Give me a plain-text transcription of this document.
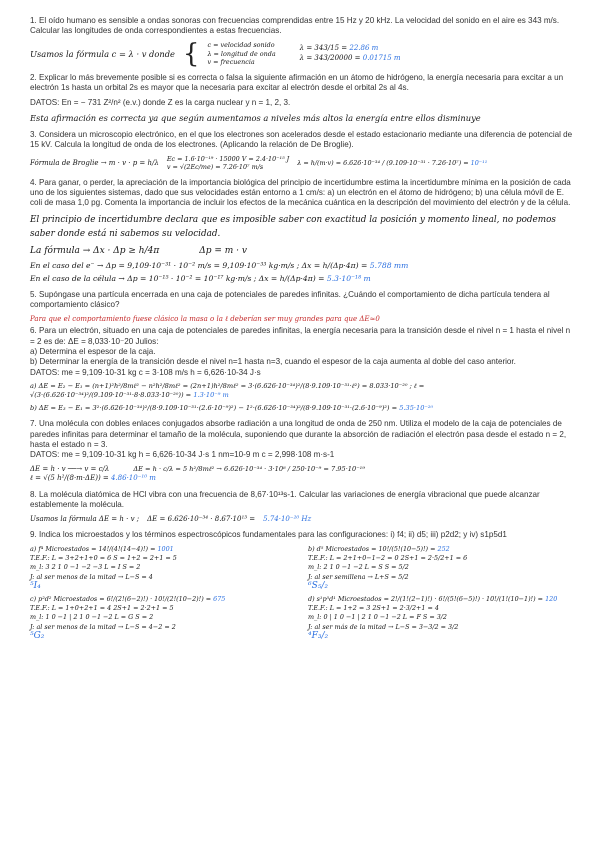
1. El oído humano es sensible a ondas sonoras con frecuencias comprendidas entre 15 Hz y 20 kHz. La velocidad del sonido en el aire es 343 m/s. Calcular las longitudes de onda correspondientes a estas frecuencias.

Usamos la fórmula c = λ · v donde { c = velocidad sonido
λ = longitud de onda
v = frecuencia
λ = 343/15 = 22.86 m
λ = 343/20000 = 0.01715 m

2. Explicar lo más brevemente posible si es correcta o falsa la siguiente afirmación en un átomo de hidrógeno, la energía necesaria para excitar a un electrón 1s hasta un orbital 2s es mayor que la necesaria para excitar al electrón desde el orbital 2s al 4s.

DATOS: En = − 731 Z²/n² (e.v.) donde Z es la carga nuclear y n = 1, 2, 3.

Esta afirmación es correcta ya que según aumentamos a niveles más altos la energía entre ellos disminuye

3. Considera un microscopio electrónico, en el que los electrones son acelerados desde el estado estacionario mediante una diferencia de potencial de 15 kV. Calcula la longitud de onda de los electrones. (Aplicando la relación de De Broglie).

Fórmula de Broglie → m · v · p = h/λ Ec = 1.6·10⁻¹⁹ · 15000 V = 2.4·10⁻¹⁵ J
v = √(2Ec/me) = 7.26·10⁷ m/s
λ = h/(m·v) = 6.626·10⁻³⁴ / (9.109·10⁻³¹ · 7.26·10⁷) = 10⁻¹¹

4. Para ganar, o perder, la apreciación de la importancia biológica del principio de incertidumbre estima la incertidumbre mínima en la posición de cada uno de los siguientes sistemas, dado que sus velocidades están entorno a 1 cm/s: a) un electrón en el átomo de hidrógeno; b) una célula móvil de E. coli de masa 1,0 pg. Comenta la importancia de incluir los efectos de la mecánica cuántica en la descripción del movimiento del electrón y de la célula.

El principio de incertidumbre declara que es imposible saber con exactitud la posición y momento lineal, no podemos saber donde está ni sabemos su velocidad.

La fórmula → Δx · Δp ≥ h/4π	Δp = m · v
En el caso del e⁻ → Δp = 9,109·10⁻³¹ · 10⁻² m/s = 9,109·10⁻³³ kg·m/s ; Δx = h/(Δp·4π) = 5.788 mm
En el caso de la célula → Δp = 10⁻¹⁵ · 10⁻² = 10⁻¹⁷ kg·m/s ; Δx = h/(Δp·4π) = 5.3·10⁻¹⁸ m

5. Supóngase una partícula encerrada en una caja de potenciales de paredes infinitas. ¿Cuándo el comportamiento de dicha partícula tendera al comportamiento clásico?

Para que el comportamiento fuese clásico la masa o la ℓ deberían ser muy grandes para que ΔE≈0

6. Para un electrón, situado en una caja de potenciales de paredes infinitas, la energía necesaria para la transición desde el nivel n = 1 hasta el nivel n = 2 es de: ΔE = 8,033·10⁻20 Julios:

a) Determina el espesor de la caja.

b) Determinar la energía de la transición desde el nivel n=1 hasta n=3, cuando el espesor de la caja aumenta al doble del caso anterior.

DATOS: me = 9,109·10-31 kg c = 3·108 m/s h = 6,626·10-34 J·s

a) ΔE = E₂ − E₁ = (n+1)²h²/8mℓ² − n²h²/8mℓ² = (2n+1)h²/8mℓ² = 3·(6.626·10⁻³⁴)²/(8·9.109·10⁻³¹·ℓ²) = 8.033·10⁻²⁰ ; ℓ = √(3·(6.626·10⁻³⁴)²/(9.109·10⁻³¹·8·8.033·10⁻²⁰)) = 1.3·10⁻⁹ m
b) ΔE = E₃ − E₁ = 3²·(6.626·10⁻³⁴)²/(8·9.109·10⁻³¹·(2.6·10⁻⁹)²) − 1²·(6.626·10⁻³⁴)²/(8·9.109·10⁻³¹·(2.6·10⁻⁹)²) = 5.35·10⁻²⁰

7. Una molécula con dobles enlaces conjugados absorbe radiación a una longitud de onda de 250 nm. Utiliza el modelo de la caja de potenciales de paredes infinitas para determinar el tamaño de la molécula, suponiendo que durante la absorción de radiación el electrón pasa desde el estado n = 2, hasta el estado n = 3.

DATOS: me = 9,109·10-31 kg h = 6,626·10-34 J·s 1 nm=10-9 m c = 2,998·108 m·s-1

ΔE = h · v ──→ v = c/λ	ΔE = h · c/λ = 5 h²/8mℓ² → 6.626·10⁻³⁴ · 3·10⁸ / 250·10⁻⁹ = 7.95·10⁻¹⁹
ℓ = √(5 h²/(8·m·ΔE)) = 4.86·10⁻¹⁰ m

8. La molécula diatómica de HCl vibra con una frecuencia de 8,67·10¹³s-1. Calcular las variaciones de energía vibracional que puede alcanzar establemente la molécula.

Usamos la fórmula ΔE = h · v ; ΔE = 6.626·10⁻³⁴ · 8.67·10¹³ = 5.74·10⁻²⁰ Hz

9. Indica los microestados y los términos espectroscópicos fundamentales para las configuraciones: i) f4; ii) d5; iii) p2d2; y iv) s1p5d1

a) f⁴ Microestados = 14!/(4!(14−4)!) = 1001
T.E.F.: L = 3+2+1+0 = 6 S = 1+2 = 2+1 = 5
m_l: 3 2 1 0 −1 −2 −3 L = I S = 2
J: al ser menos de la mitad → L−S = 4
⁵I₄
b) d⁵ Microestados = 10!/(5!(10−5)!) = 252
T.E.F.: L = 2+1+0−1−2 = 0 2S+1 = 2·5/2+1 = 6
m_l: 2 1 0 −1 −2 L = S S = 5/2
J: al ser semillena → L+S = 5/2
⁶S₅/₂
c) p²d² Microestados = 6!/(2!(6−2)!) · 10!/(2!(10−2)!) = 675
T.E.F.: L = 1+0+2+1 = 4 2S+1 = 2·2+1 = 5
m_l: 1 0 −1 | 2 1 0 −1 −2 L = G S = 2
J: al ser menos de la mitad → L−S = 4−2 = 2
⁵G₂
d) s¹p⁵d¹ Microestados = 2!/(1!(2−1)!) · 6!/(5!(6−5)!) · 10!/(1!(10−1)!) = 120
T.E.F.: L = 1+2 = 3 2S+1 = 2·3/2+1 = 4
m_l: 0 | 1 0 −1 | 2 1 0 −1 −2 L = F S = 3/2
J: al ser más de la mitad → L−S = 3−3/2 = 3/2
⁴F₃/₂
